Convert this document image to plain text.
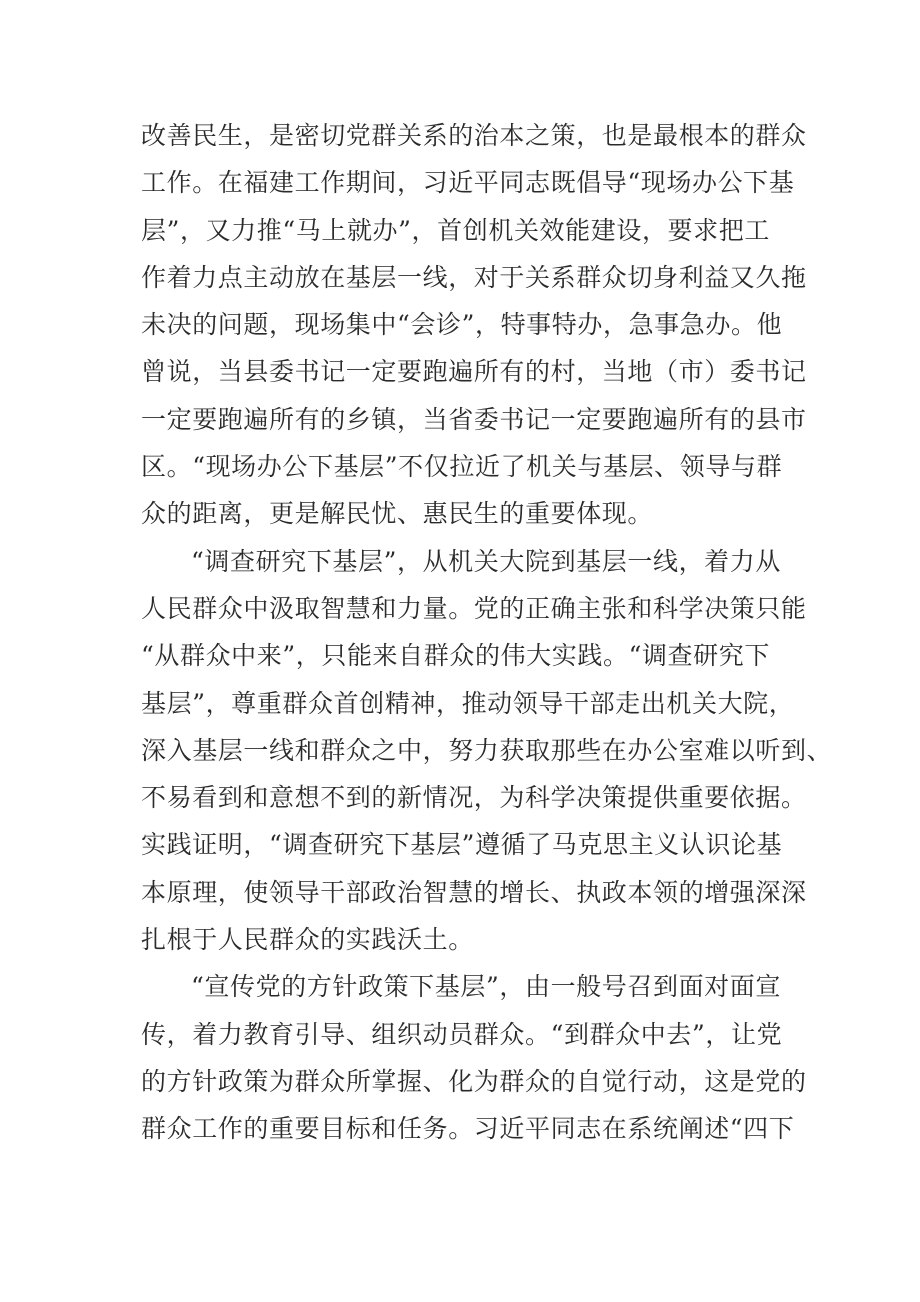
改善民生，是密切党群关系的治本之策，也是最根本的群众
工作。在福建工作期间，习近平同志既倡导“现场办公下基
层”，又力推“马上就办”，首创机关效能建设，要求把工
作着力点主动放在基层一线，对于关系群众切身利益又久拖
未决的问题，现场集中“会诊”，特事特办，急事急办。他
曾说，当县委书记一定要跑遍所有的村，当地（市）委书记
一定要跑遍所有的乡镇，当省委书记一定要跑遍所有的县市
区。“现场办公下基层”不仅拉近了机关与基层、领导与群
众的距离，更是解民忧、惠民生的重要体现。
“调查研究下基层”，从机关大院到基层一线，着力从
人民群众中汲取智慧和力量。党的正确主张和科学决策只能
“从群众中来”，只能来自群众的伟大实践。“调查研究下
基层”，尊重群众首创精神，推动领导干部走出机关大院，
深入基层一线和群众之中，努力获取那些在办公室难以听到、
不易看到和意想不到的新情况，为科学决策提供重要依据。
实践证明，“调查研究下基层”遵循了马克思主义认识论基
本原理，使领导干部政治智慧的增长、执政本领的增强深深
扎根于人民群众的实践沃土。
“宣传党的方针政策下基层”，由一般号召到面对面宣
传，着力教育引导、组织动员群众。“到群众中去”，让党
的方针政策为群众所掌握、化为群众的自觉行动，这是党的
群众工作的重要目标和任务。习近平同志在系统阐述“四下
